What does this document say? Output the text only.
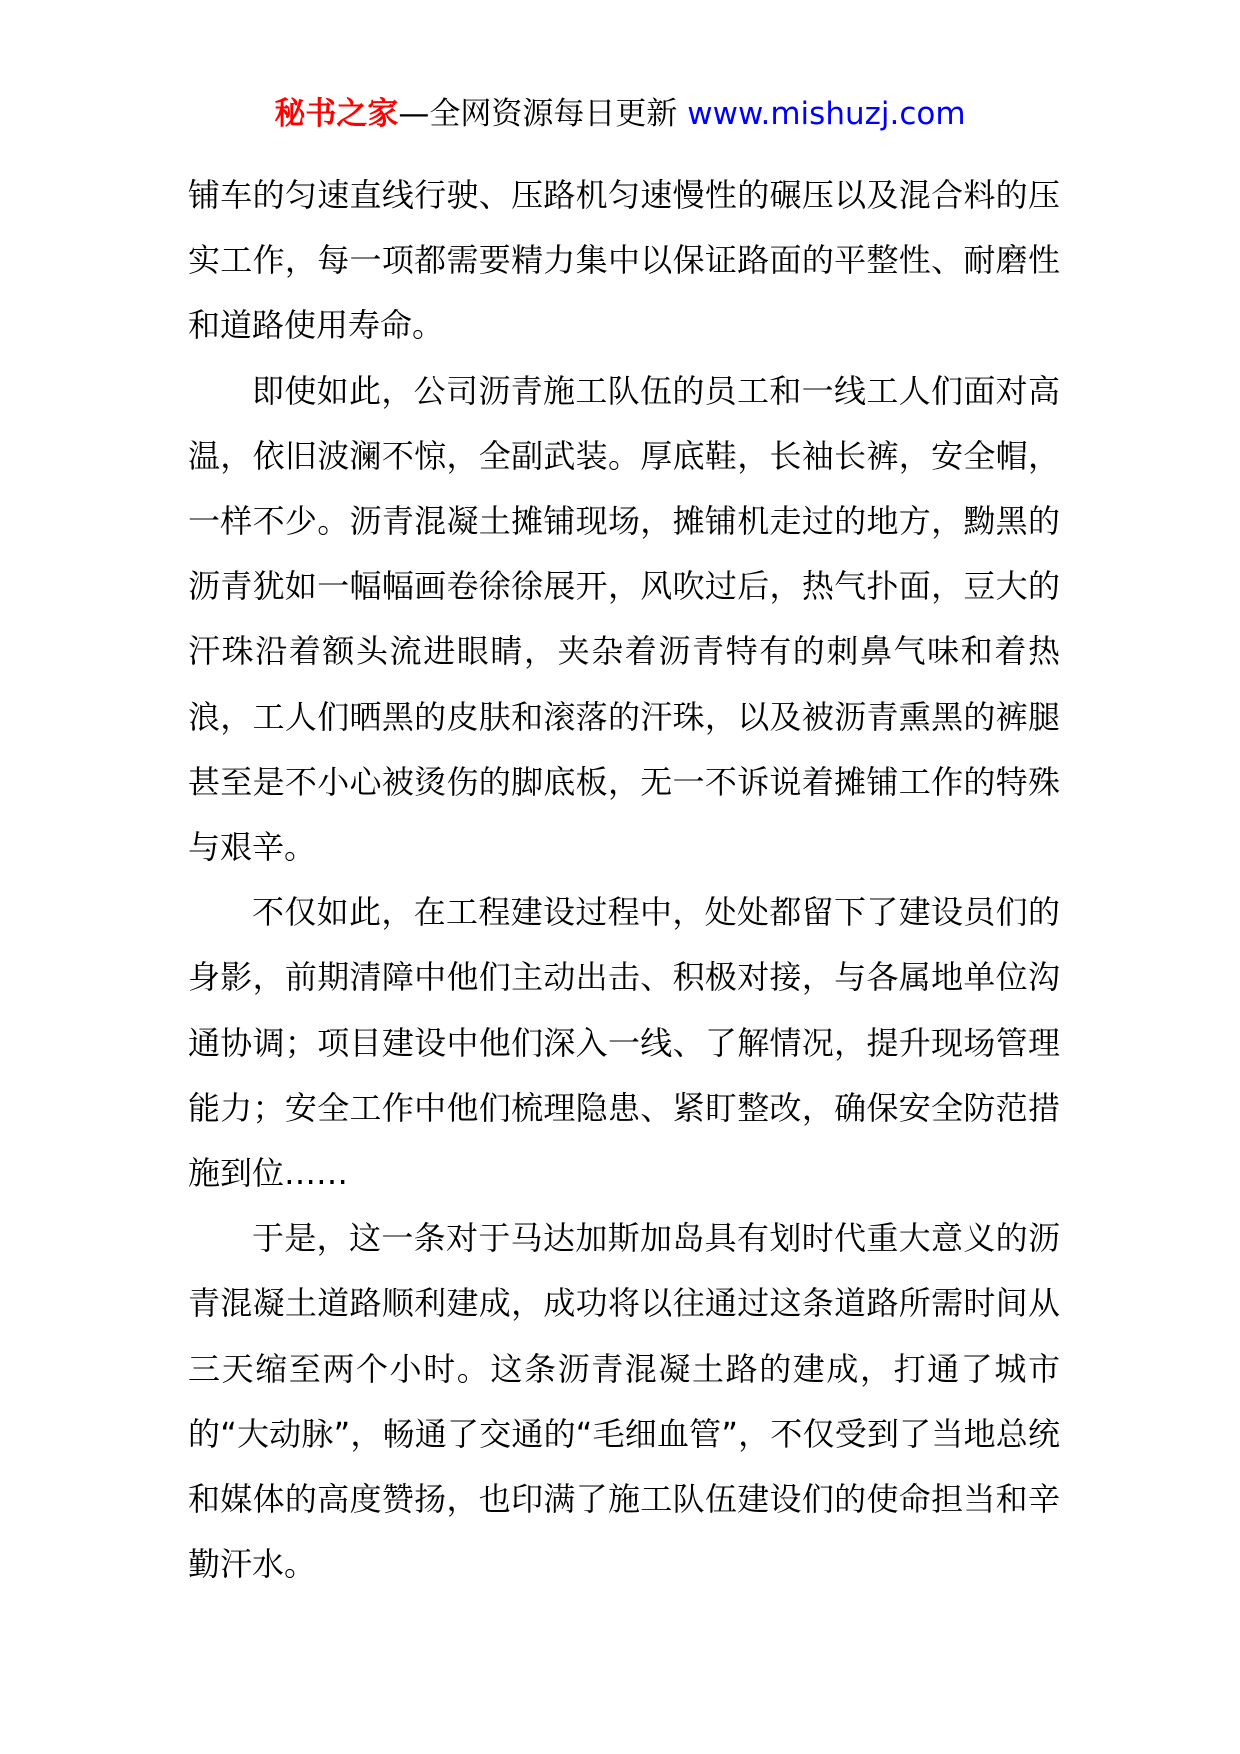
秘书之家—全网资源每日更新 www.mishuzj.com

铺车的匀速直线行驶、压路机匀速慢性的碾压以及混合料的压实工作，每一项都需要精力集中以保证路面的平整性、耐磨性和道路使用寿命。

即使如此，公司沥青施工队伍的员工和一线工人们面对高温，依旧波澜不惊，全副武装。厚底鞋，长袖长裤，安全帽，一样不少。沥青混凝土摊铺现场，摊铺机走过的地方，黝黑的沥青犹如一幅幅画卷徐徐展开，风吹过后，热气扑面，豆大的汗珠沿着额头流进眼睛，夹杂着沥青特有的刺鼻气味和着热浪，工人们晒黑的皮肤和滚落的汗珠，以及被沥青熏黑的裤腿甚至是不小心被烫伤的脚底板，无一不诉说着摊铺工作的特殊与艰辛。

不仅如此，在工程建设过程中，处处都留下了建设员们的身影，前期清障中他们主动出击、积极对接，与各属地单位沟通协调；项目建设中他们深入一线、了解情况，提升现场管理能力；安全工作中他们梳理隐患、紧盯整改，确保安全防范措施到位……

于是，这一条对于马达加斯加岛具有划时代重大意义的沥青混凝土道路顺利建成，成功将以往通过这条道路所需时间从三天缩至两个小时。这条沥青混凝土路的建成，打通了城市的“大动脉”，畅通了交通的“毛细血管”，不仅受到了当地总统和媒体的高度赞扬，也印满了施工队伍建设们的使命担当和辛勤汗水。
